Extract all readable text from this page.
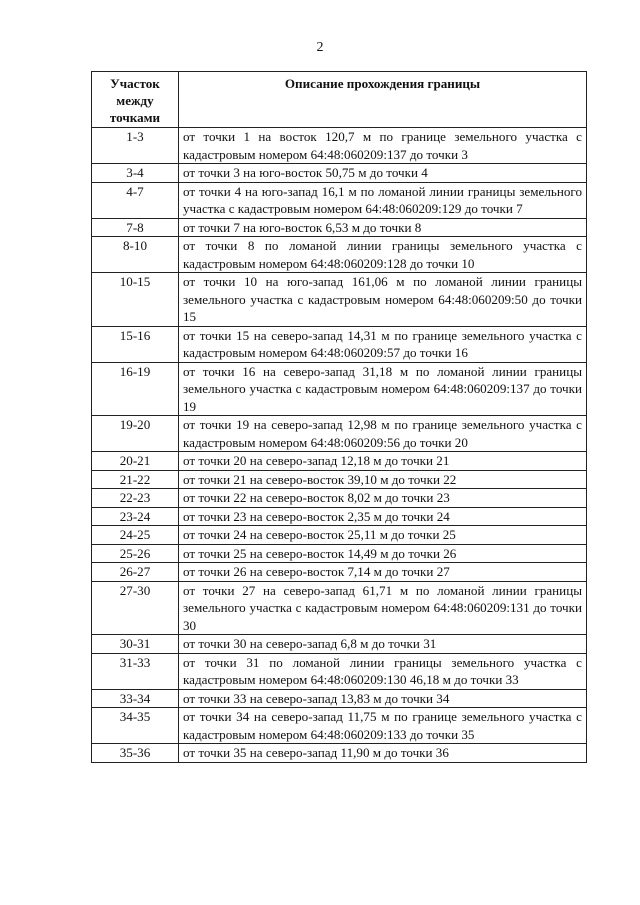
2
Участок
между
точками	Описание прохождения границы
1-3	от точки 1 на восток 120,7 м по границе земельного участка с кадастровым номером 64:48:060209:137 до точки 3
3-4	от точки 3 на юго-восток 50,75 м до точки 4
4-7	от точки 4 на юго-запад 16,1 м по ломаной линии границы земельного участка с кадастровым номером 64:48:060209:129 до точки 7
7-8	от точки 7 на юго-восток 6,53 м до точки 8
8-10	от точки 8 по ломаной линии границы земельного участка с кадастровым номером 64:48:060209:128 до точки 10
10-15	от точки 10 на юго-запад 161,06 м по ломаной линии границы земельного участка с кадастровым номером 64:48:060209:50 до точки 15
15-16	от точки 15 на северо-запад 14,31 м по границе земельного участка с кадастровым номером 64:48:060209:57 до точки 16
16-19	от точки 16 на северо-запад 31,18 м по ломаной линии границы земельного участка с кадастровым номером 64:48:060209:137 до точки 19
19-20	от точки 19 на северо-запад 12,98 м по границе земельного участка с кадастровым номером 64:48:060209:56 до точки 20
20-21	от точки 20 на северо-запад 12,18 м до точки 21
21-22	от точки 21 на северо-восток 39,10 м до точки 22
22-23	от точки 22 на северо-восток 8,02 м до точки 23
23-24	от точки 23 на северо-восток 2,35 м до точки 24
24-25	от точки 24 на северо-восток 25,11 м до точки 25
25-26	от точки 25 на северо-восток 14,49 м до точки 26
26-27	от точки 26 на северо-восток 7,14 м до точки 27
27-30	от точки 27 на северо-запад 61,71 м по ломаной линии границы земельного участка с кадастровым номером 64:48:060209:131 до точки 30
30-31	от точки 30 на северо-запад 6,8 м до точки 31
31-33	от точки 31 по ломаной линии границы земельного участка с кадастровым номером 64:48:060209:130 46,18 м до точки 33
33-34	от точки 33 на северо-запад 13,83 м до точки 34
34-35	от точки 34 на северо-запад 11,75 м по границе земельного участка с кадастровым номером 64:48:060209:133 до точки 35
35-36	от точки 35 на северо-запад 11,90 м до точки 36
